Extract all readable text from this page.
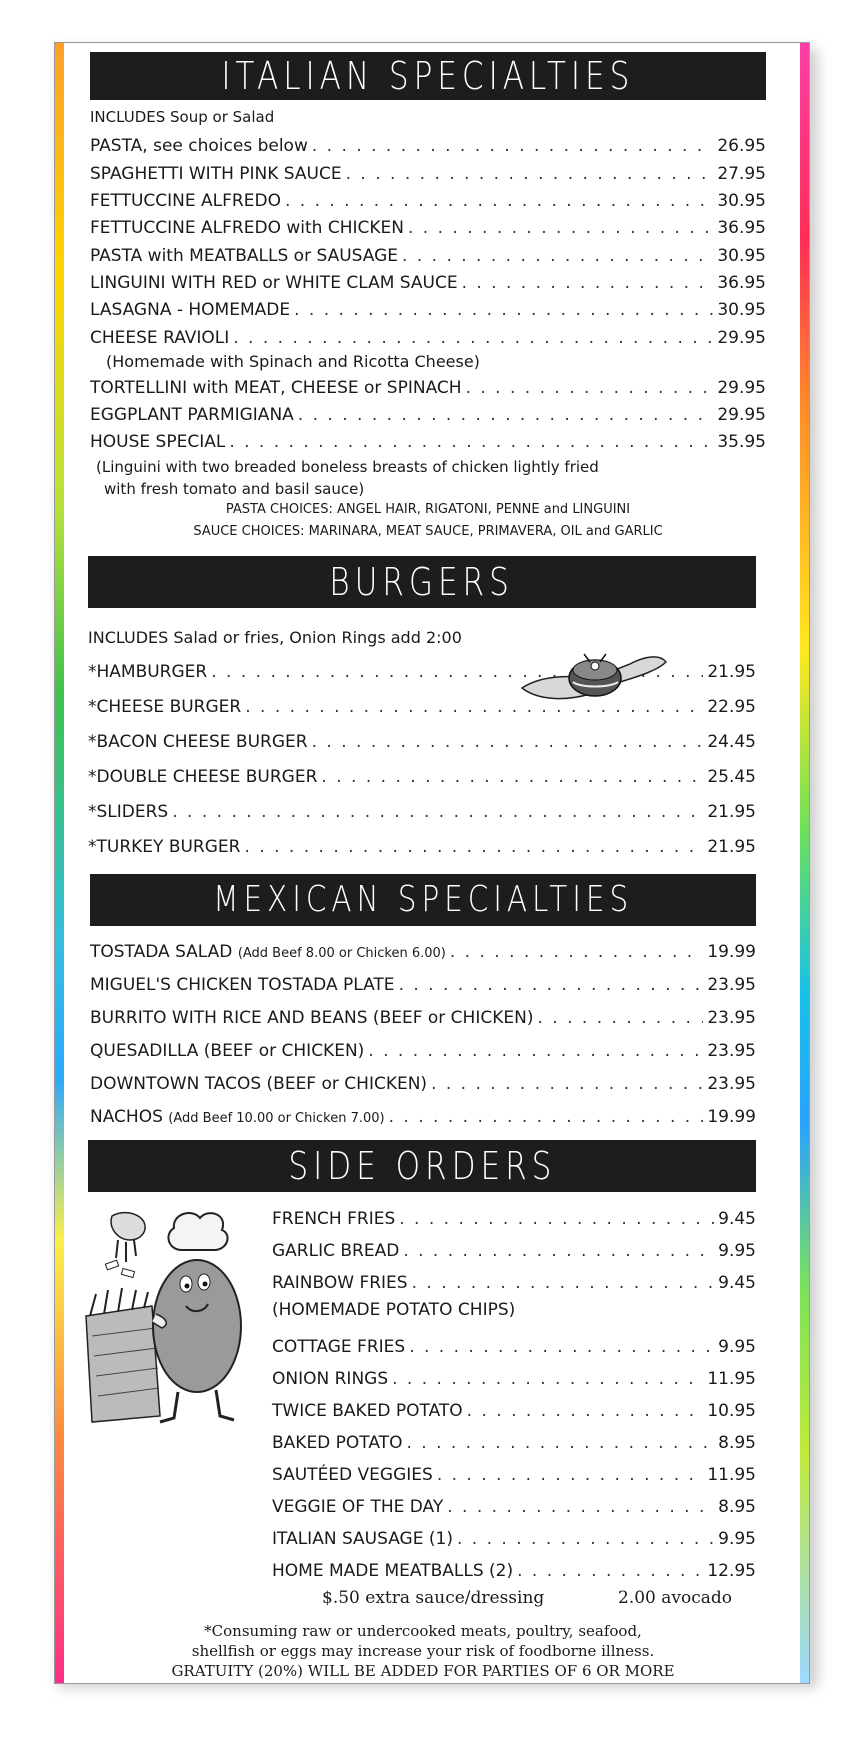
ITALIAN SPECIALTIES
INCLUDES Soup or Salad
PASTA, see choices below . . .	26.95
SPAGHETTI WITH PINK SAUCE . . .	27.95
FETTUCCINE ALFREDO . . .	30.95
FETTUCCINE ALFREDO with CHICKEN . . .	36.95
PASTA with MEATBALLS or SAUSAGE . . .	30.95
LINGUINI WITH RED or WHITE CLAM SAUCE . . .	36.95
LASAGNA - HOMEMADE . . .	30.95
CHEESE RAVIOLI . . .	29.95
(Homemade with Spinach and Ricotta Cheese)
TORTELLINI with MEAT, CHEESE or SPINACH . . .	29.95
EGGPLANT PARMIGIANA . . .	29.95
HOUSE SPECIAL . . .	35.95
(Linguini with two breaded boneless breasts of chicken lightly fried
with fresh tomato and basil sauce)
PASTA CHOICES: ANGEL HAIR, RIGATONI, PENNE and LINGUINI
SAUCE CHOICES: MARINARA, MEAT SAUCE, PRIMAVERA, OIL and GARLIC
BURGERS
INCLUDES Salad or fries, Onion Rings add 2:00
*HAMBURGER . . .	21.95
*CHEESE BURGER . . .	22.95
*BACON CHEESE BURGER . . .	24.45
*DOUBLE CHEESE BURGER . . .	25.45
*SLIDERS . . .	21.95
*TURKEY BURGER . . .	21.95
MEXICAN SPECIALTIES
TOSTADA SALAD
(Add Beef 8.00 or Chicken 6.00) . . .	19.99
MIGUEL'S CHICKEN TOSTADA PLATE . . .	23.95
BURRITO WITH RICE AND BEANS (BEEF or CHICKEN) . . .	23.95
QUESADILLA (BEEF or CHICKEN) . . .	23.95
DOWNTOWN TACOS (BEEF or CHICKEN) . . .	23.95
NACHOS
(Add Beef 10.00 or Chicken 7.00) . . .	19.99
SIDE ORDERS
FRENCH FRIES . . .	9.45
GARLIC BREAD . . .	9.95
RAINBOW FRIES . . .	9.45
(HOMEMADE POTATO CHIPS)
COTTAGE FRIES . . .	9.95
ONION RINGS . . .	11.95
TWICE BAKED POTATO . . .	10.95
BAKED POTATO . . .	8.95
SAUTÉED VEGGIES . . .	11.95
VEGGIE OF THE DAY . . .	8.95
ITALIAN SAUSAGE (1) . . .	9.95
HOME MADE MEATBALLS (2) . . .	12.95
$.50 extra sauce/dressing	2.00 avocado
*Consuming raw or undercooked meats, poultry, seafood,
shellfish or eggs may increase your risk of foodborne illness.
GRATUITY (20%) WILL BE ADDED FOR PARTIES OF 6 OR MORE
